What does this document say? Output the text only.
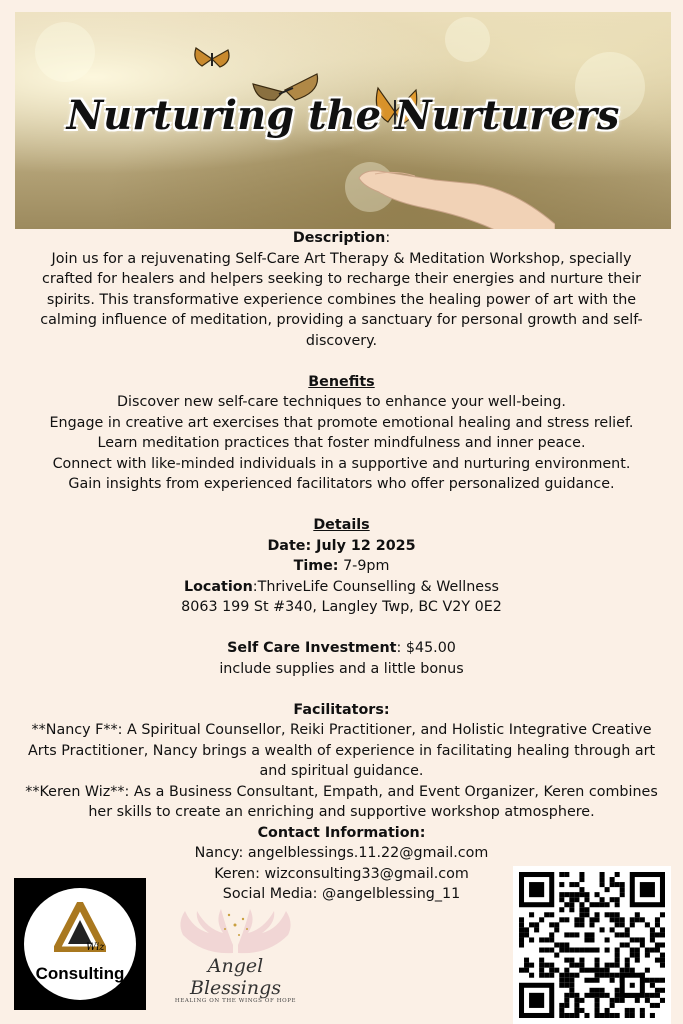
Nurturing the Nurturers

Description:

Join us for a rejuvenating Self-Care Art Therapy & Meditation Workshop, specially crafted for healers and helpers seeking to recharge their energies and nurture their spirits. This transformative experience combines the healing power of art with the calming influence of meditation, providing a sanctuary for personal growth and self-discovery.

Benefits

Discover new self-care techniques to enhance your well-being.

Engage in creative art exercises that promote emotional healing and stress relief.

Learn meditation practices that foster mindfulness and inner peace.

Connect with like-minded individuals in a supportive and nurturing environment.

Gain insights from experienced facilitators who offer personalized guidance.

Details

Date: July 12 2025

Time: 7-9pm

Location:ThriveLife Counselling & Wellness

8063 199 St #340, Langley Twp, BC V2Y 0E2

Self Care Investment: $45.00

include supplies and a little bonus

Facilitators:

**Nancy F**: A Spiritual Counsellor, Reiki Practitioner, and Holistic Integrative Creative Arts Practitioner, Nancy brings a wealth of experience in facilitating healing through art and spiritual guidance.

**Keren Wiz**: As a Business Consultant, Empath, and Event Organizer, Keren combines her skills to create an enriching and supportive workshop atmosphere.

Contact Information:

Nancy: angelblessings.11.22@gmail.com

Keren: wizconsulting33@gmail.com

Social Media: @angelblessing_11

Wiz
Consulting	Angel Blessings
HEALING ON THE WINGS OF HOPE
